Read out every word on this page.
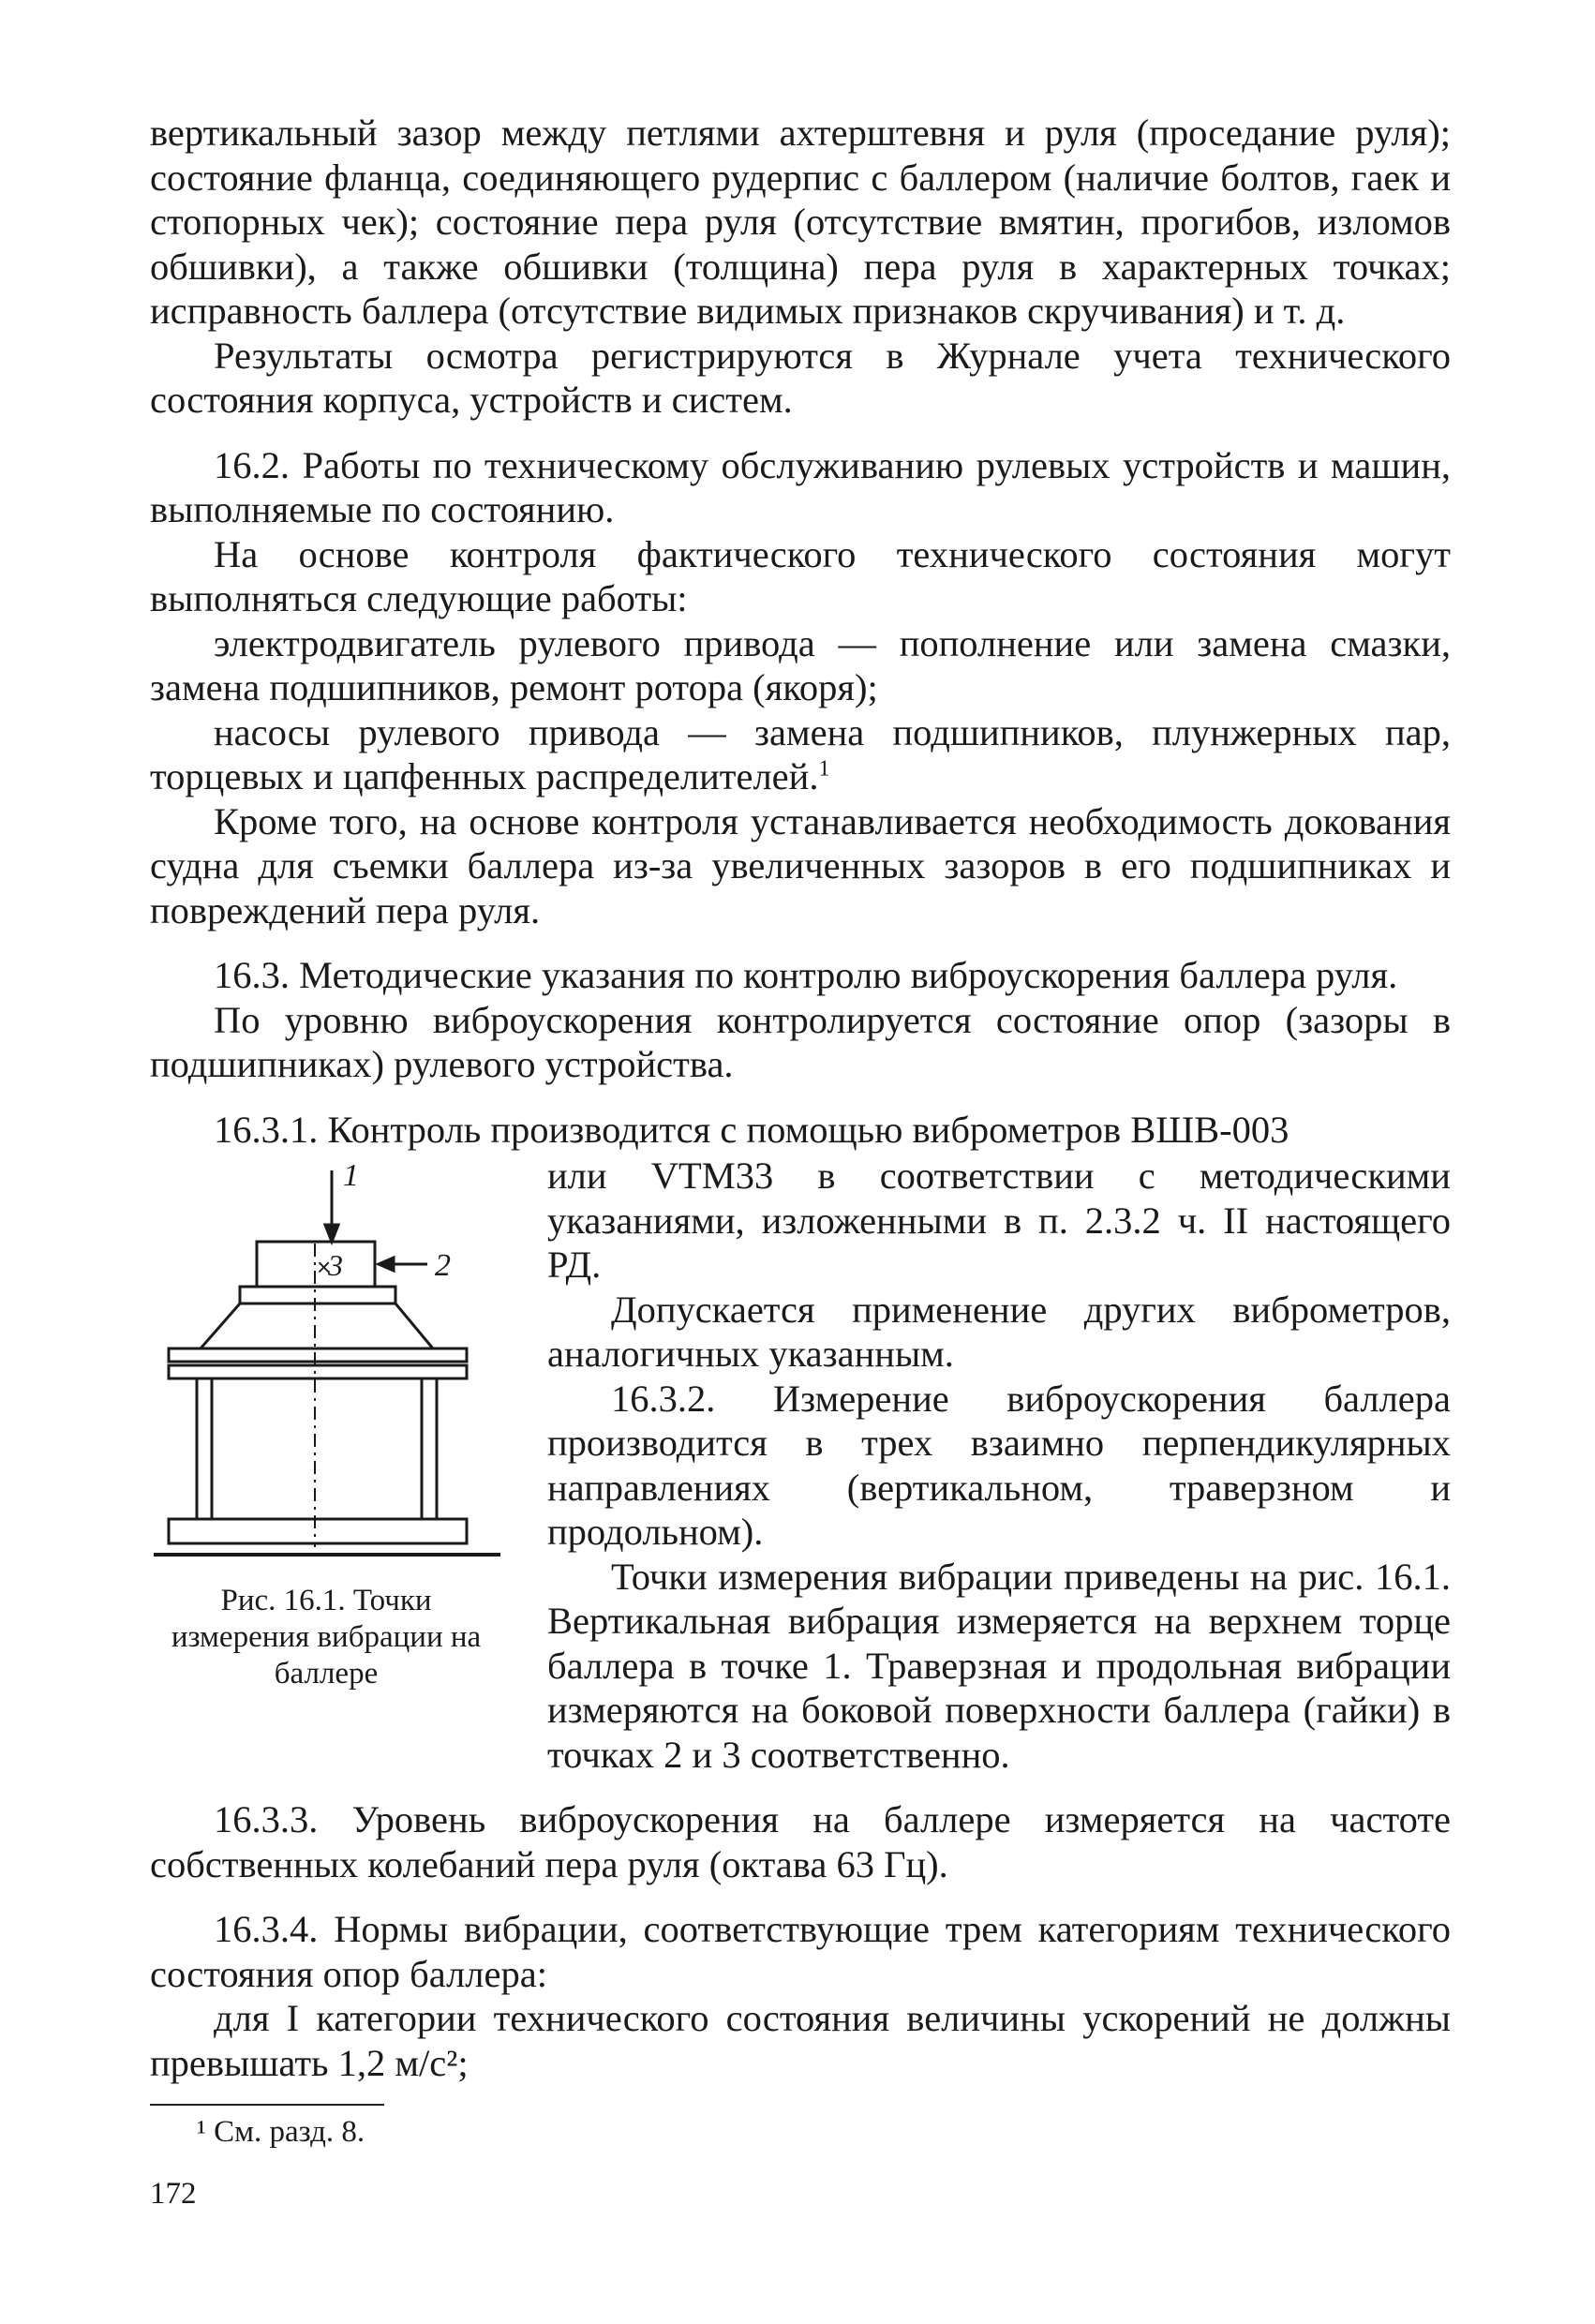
вертикальный зазор между петлями ахтерштевня и руля (проседание руля); состояние фланца, соединяющего рудерпис с баллером (наличие болтов, гаек и стопорных чек); состояние пера руля (отсутствие вмятин, прогибов, изломов обшивки), а также обшивки (толщина) пера руля в характерных точках; исправность баллера (отсутствие видимых признаков скручивания) и т. д.

Результаты осмотра регистрируются в Журнале учета технического состояния корпуса, устройств и систем.

16.2. Работы по техническому обслуживанию рулевых устройств и машин, выполняемые по состоянию.

На основе контроля фактического технического состояния могут выполняться следующие работы:

электродвигатель рулевого привода — пополнение или замена смазки, замена подшипников, ремонт ротора (якоря);

насосы рулевого привода — замена подшипников, плунжерных пар, торцевых и цапфенных распределителей.$^1$

Кроме того, на основе контроля устанавливается необходимость докования судна для съемки баллера из-за увеличенных зазоров в его подшипниках и повреждений пера руля.

16.3. Методические указания по контролю виброускорения баллера руля.

По уровню виброускорения контролируется состояние опор (зазоры в подшипниках) рулевого устройства.

16.3.1. Контроль производится с помощью виброметров ВШВ-003

1
3
×	2
Рис. 16.1. Точки измерения вибрации на баллере

или VTM33 в соответствии с методическими указаниями, изложенными в п. 2.3.2 ч. II настоящего РД.

Допускается применение других виброметров, аналогичных указанным.

16.3.2. Измерение виброускорения баллера производится в трех взаимно перпендикулярных направлениях (вертикальном, траверзном и продольном).

Точки измерения вибрации приведены на рис. 16.1. Вертикальная вибрация измеряется на верхнем торце баллера в точке 1. Траверзная и продольная вибрации измеряются на боковой поверхности баллера (гайки) в точках 2 и 3 соответственно.

16.3.3. Уровень виброускорения на баллере измеряется на частоте собственных колебаний пера руля (октава 63 Гц).

16.3.4. Нормы вибрации, соответствующие трем категориям технического состояния опор баллера:

для I категории технического состояния величины ускорений не должны превышать 1,2 м/с²;

¹ См. разд. 8.
172
